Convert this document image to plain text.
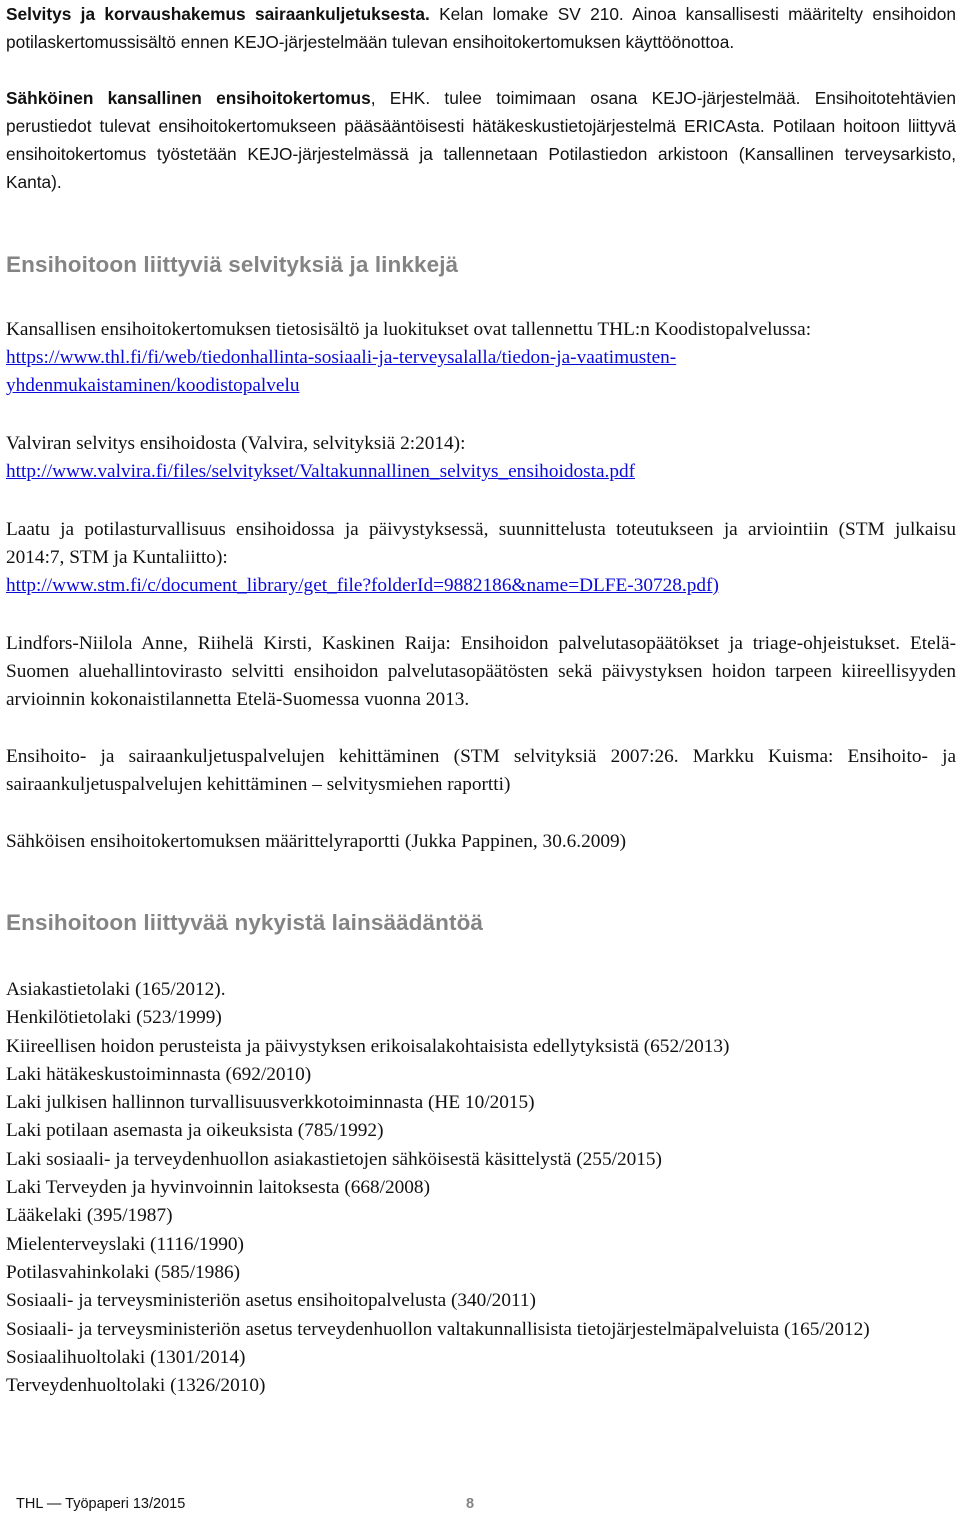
Selvitys ja korvaushakemus sairaankuljetuksesta. Kelan lomake SV 210. Ainoa kansallisesti määritelty ensihoidon potilaskertomussisältö ennen KEJO-järjestelmään tulevan ensihoitokertomuksen käyttöönottoa.
Sähköinen kansallinen ensihoitokertomus, EHK. tulee toimimaan osana KEJO-järjestelmää. Ensihoitotehtävien perustiedot tulevat ensihoitokertomukseen pääsääntöisesti hätäkeskustietojärjestelmä ERICAsta. Potilaan hoitoon liittyvä ensihoitokertomus työstetään KEJO-järjestelmässä ja tallennetaan Potilastiedon arkistoon (Kansallinen terveysarkisto, Kanta).
Ensihoitoon liittyviä selvityksiä ja linkkejä
Kansallisen ensihoitokertomuksen tietosisältö ja luokitukset ovat tallennettu THL:n Koodistopalvelussa:
https://www.thl.fi/fi/web/tiedonhallinta-sosiaali-ja-terveysalalla/tiedon-ja-vaatimusten-yhdenmukaistaminen/koodistopalvelu
Valviran selvitys ensihoidosta (Valvira, selvityksiä 2:2014):
http://www.valvira.fi/files/selvitykset/Valtakunnallinen_selvitys_ensihoidosta.pdf
Laatu ja potilasturvallisuus ensihoidossa ja päivystyksessä, suunnittelusta toteutukseen ja arviointiin (STM julkaisu 2014:7, STM ja Kuntaliitto):
http://www.stm.fi/c/document_library/get_file?folderId=9882186&name=DLFE-30728.pdf)
Lindfors-Niilola Anne, Riihelä Kirsti, Kaskinen Raija: Ensihoidon palvelutasopäätökset ja triage-ohjeistukset. Etelä-Suomen aluehallintovirasto selvitti ensihoidon palvelutasopäätösten sekä päivystyksen hoidon tarpeen kiireellisyyden arvioinnin kokonaistilannetta Etelä-Suomessa vuonna 2013.
Ensihoito- ja sairaankuljetuspalvelujen kehittäminen (STM selvityksiä 2007:26. Markku Kuisma: Ensihoito- ja sairaankuljetuspalvelujen kehittäminen – selvitysmiehen raportti)
Sähköisen ensihoitokertomuksen määrittelyraportti (Jukka Pappinen, 30.6.2009)
Ensihoitoon liittyvää nykyistä lainsäädäntöä
Asiakastietolaki (165/2012).
Henkilötietolaki (523/1999)
Kiireellisen hoidon perusteista ja päivystyksen erikoisalakohtaisista edellytyksistä (652/2013)
Laki hätäkeskustoiminnasta (692/2010)
Laki julkisen hallinnon turvallisuusverkkotoiminnasta (HE 10/2015)
Laki potilaan asemasta ja oikeuksista (785/1992)
Laki sosiaali- ja terveydenhuollon asiakastietojen sähköisestä käsittelystä (255/2015)
Laki Terveyden ja hyvinvoinnin laitoksesta (668/2008)
Lääkelaki (395/1987)
Mielenterveyslaki (1116/1990)
Potilasvahinkolaki (585/1986)
Sosiaali- ja terveysministeriön asetus ensihoitopalvelusta (340/2011)
Sosiaali- ja terveysministeriön asetus terveydenhuollon valtakunnallisista tietojärjestelmäpalveluista (165/2012)
Sosiaalihuoltolaki (1301/2014)
Terveydenhuoltolaki (1326/2010)
THL — Työpaperi 13/2015	8
